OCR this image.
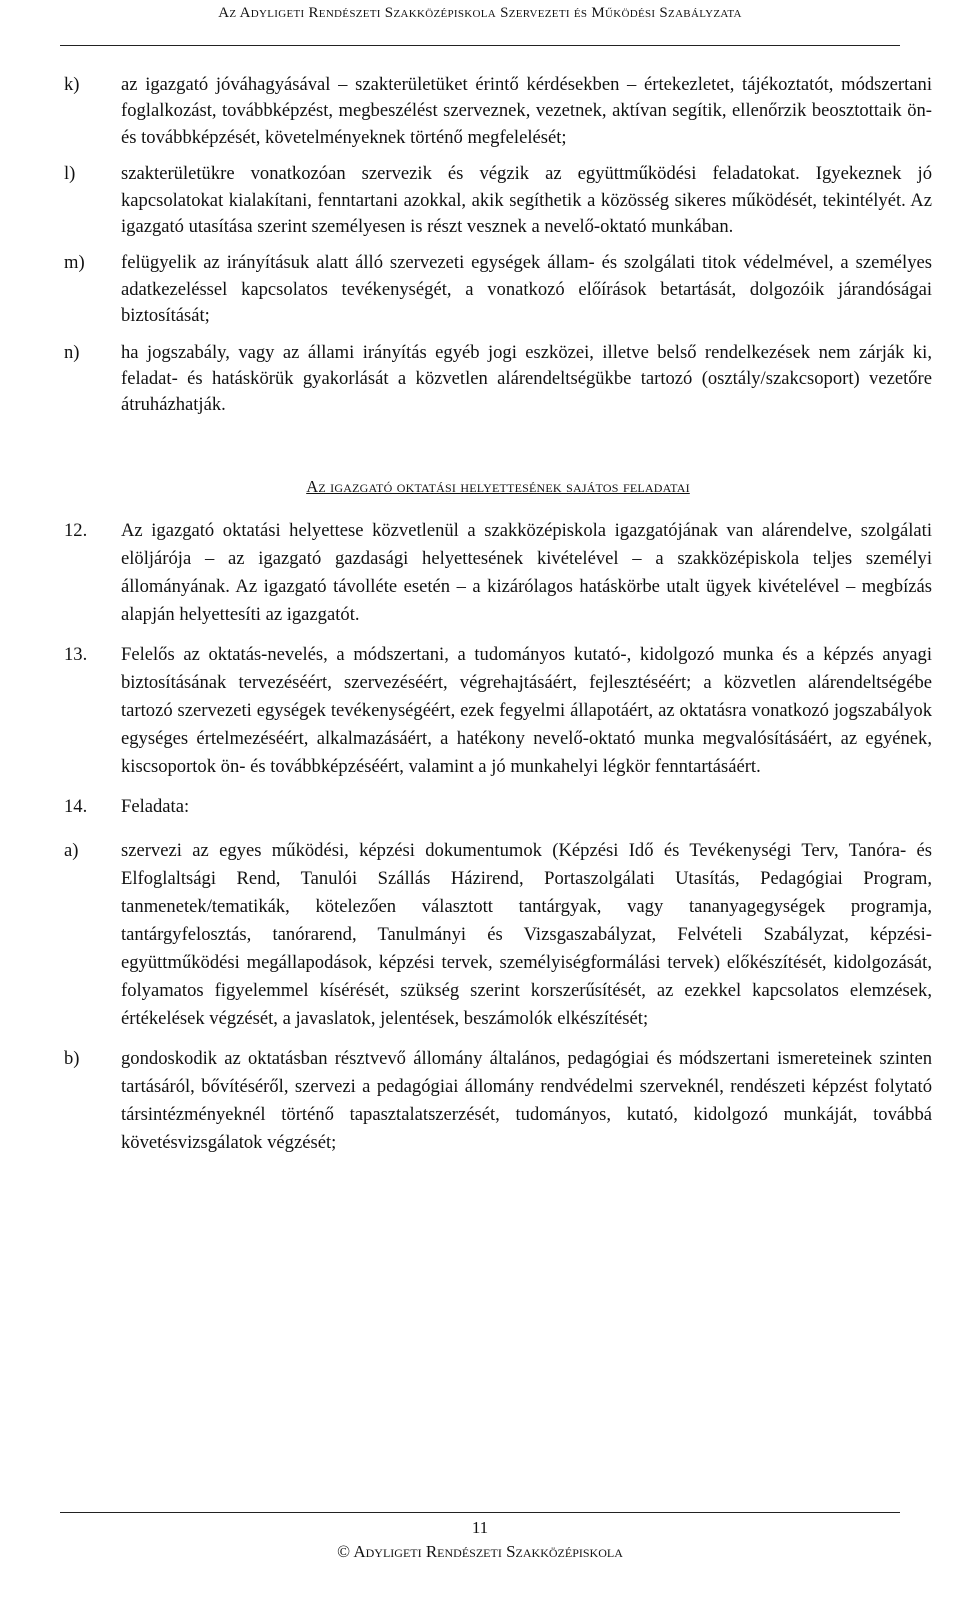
Az Adyligeti Rendészeti Szakközépiskola Szervezeti és Működési Szabályzata
k)	az igazgató jóváhagyásával – szakterületüket érintő kérdésekben – értekezletet, tájékoztatót, módszertani foglalkozást, továbbképzést, megbeszélést szerveznek, vezetnek, aktívan segítik, ellenőrzik beosztottaik ön- és továbbképzését, követelményeknek történő megfelelését;
l)	szakterületükre vonatkozóan szervezik és végzik az együttműködési feladatokat. Igyekeznek jó kapcsolatokat kialakítani, fenntartani azokkal, akik segíthetik a közösség sikeres működését, tekintélyét. Az igazgató utasítása szerint személyesen is részt vesznek a nevelő-oktató munkában.
m)	felügyelik az irányításuk alatt álló szervezeti egységek állam- és szolgálati titok védelmével, a személyes adatkezeléssel kapcsolatos tevékenységét, a vonatkozó előírások betartását, dolgozóik járandóságai biztosítását;
n)	ha jogszabály, vagy az állami irányítás egyéb jogi eszközei, illetve belső rendelkezések nem zárják ki, feladat- és hatáskörük gyakorlását a közvetlen alárendeltségükbe tartozó (osztály/szakcsoport) vezetőre átruházhatják.
Az igazgató oktatási helyettesének sajátos feladatai
12.	Az igazgató oktatási helyettese közvetlenül a szakközépiskola igazgatójának van alárendelve, szolgálati elöljárója – az igazgató gazdasági helyettesének kivételével – a szakközépiskola teljes személyi állományának. Az igazgató távolléte esetén – a kizárólagos hatáskörbe utalt ügyek kivételével – megbízás alapján helyettesíti az igazgatót.
13.	Felelős az oktatás-nevelés, a módszertani, a tudományos kutató-, kidolgozó munka és a képzés anyagi biztosításának tervezéséért, szervezéséért, végrehajtásáért, fejlesztéséért; a közvetlen alárendeltségébe tartozó szervezeti egységek tevékenységéért, ezek fegyelmi állapotáért, az oktatásra vonatkozó jogszabályok egységes értelmezéséért, alkalmazásáért, a hatékony nevelő-oktató munka megvalósításáért, az egyének, kiscsoportok ön- és továbbképzéséért, valamint a jó munkahelyi légkör fenntartásáért.
14.	Feladata:
a)	szervezi az egyes működési, képzési dokumentumok (Képzési Idő és Tevékenységi Terv, Tanóra- és Elfoglaltsági Rend, Tanulói Szállás Házirend, Portaszolgálati Utasítás, Pedagógiai Program, tanmenetek/tematikák, kötelezően választott tantárgyak, vagy tananyagegységek programja, tantárgyfelosztás, tanórarend, Tanulmányi és Vizsgaszabályzat, Felvételi Szabályzat, képzési-együttműködési megállapodások, képzési tervek, személyiségformálási tervek) előkészítését, kidolgozását, folyamatos figyelemmel kísérését, szükség szerint korszerűsítését, az ezekkel kapcsolatos elemzések, értékelések végzését, a javaslatok, jelentések, beszámolók elkészítését;
b)	gondoskodik az oktatásban résztvevő állomány általános, pedagógiai és módszertani ismereteinek szinten tartásáról, bővítéséről, szervezi a pedagógiai állomány rendvédelmi szerveknél, rendészeti képzést folytató társintézményeknél történő tapasztalatszerzését, tudományos, kutató, kidolgozó munkáját, továbbá követésvizsgálatok végzését;
11
© Adyligeti Rendészeti Szakközépiskola
